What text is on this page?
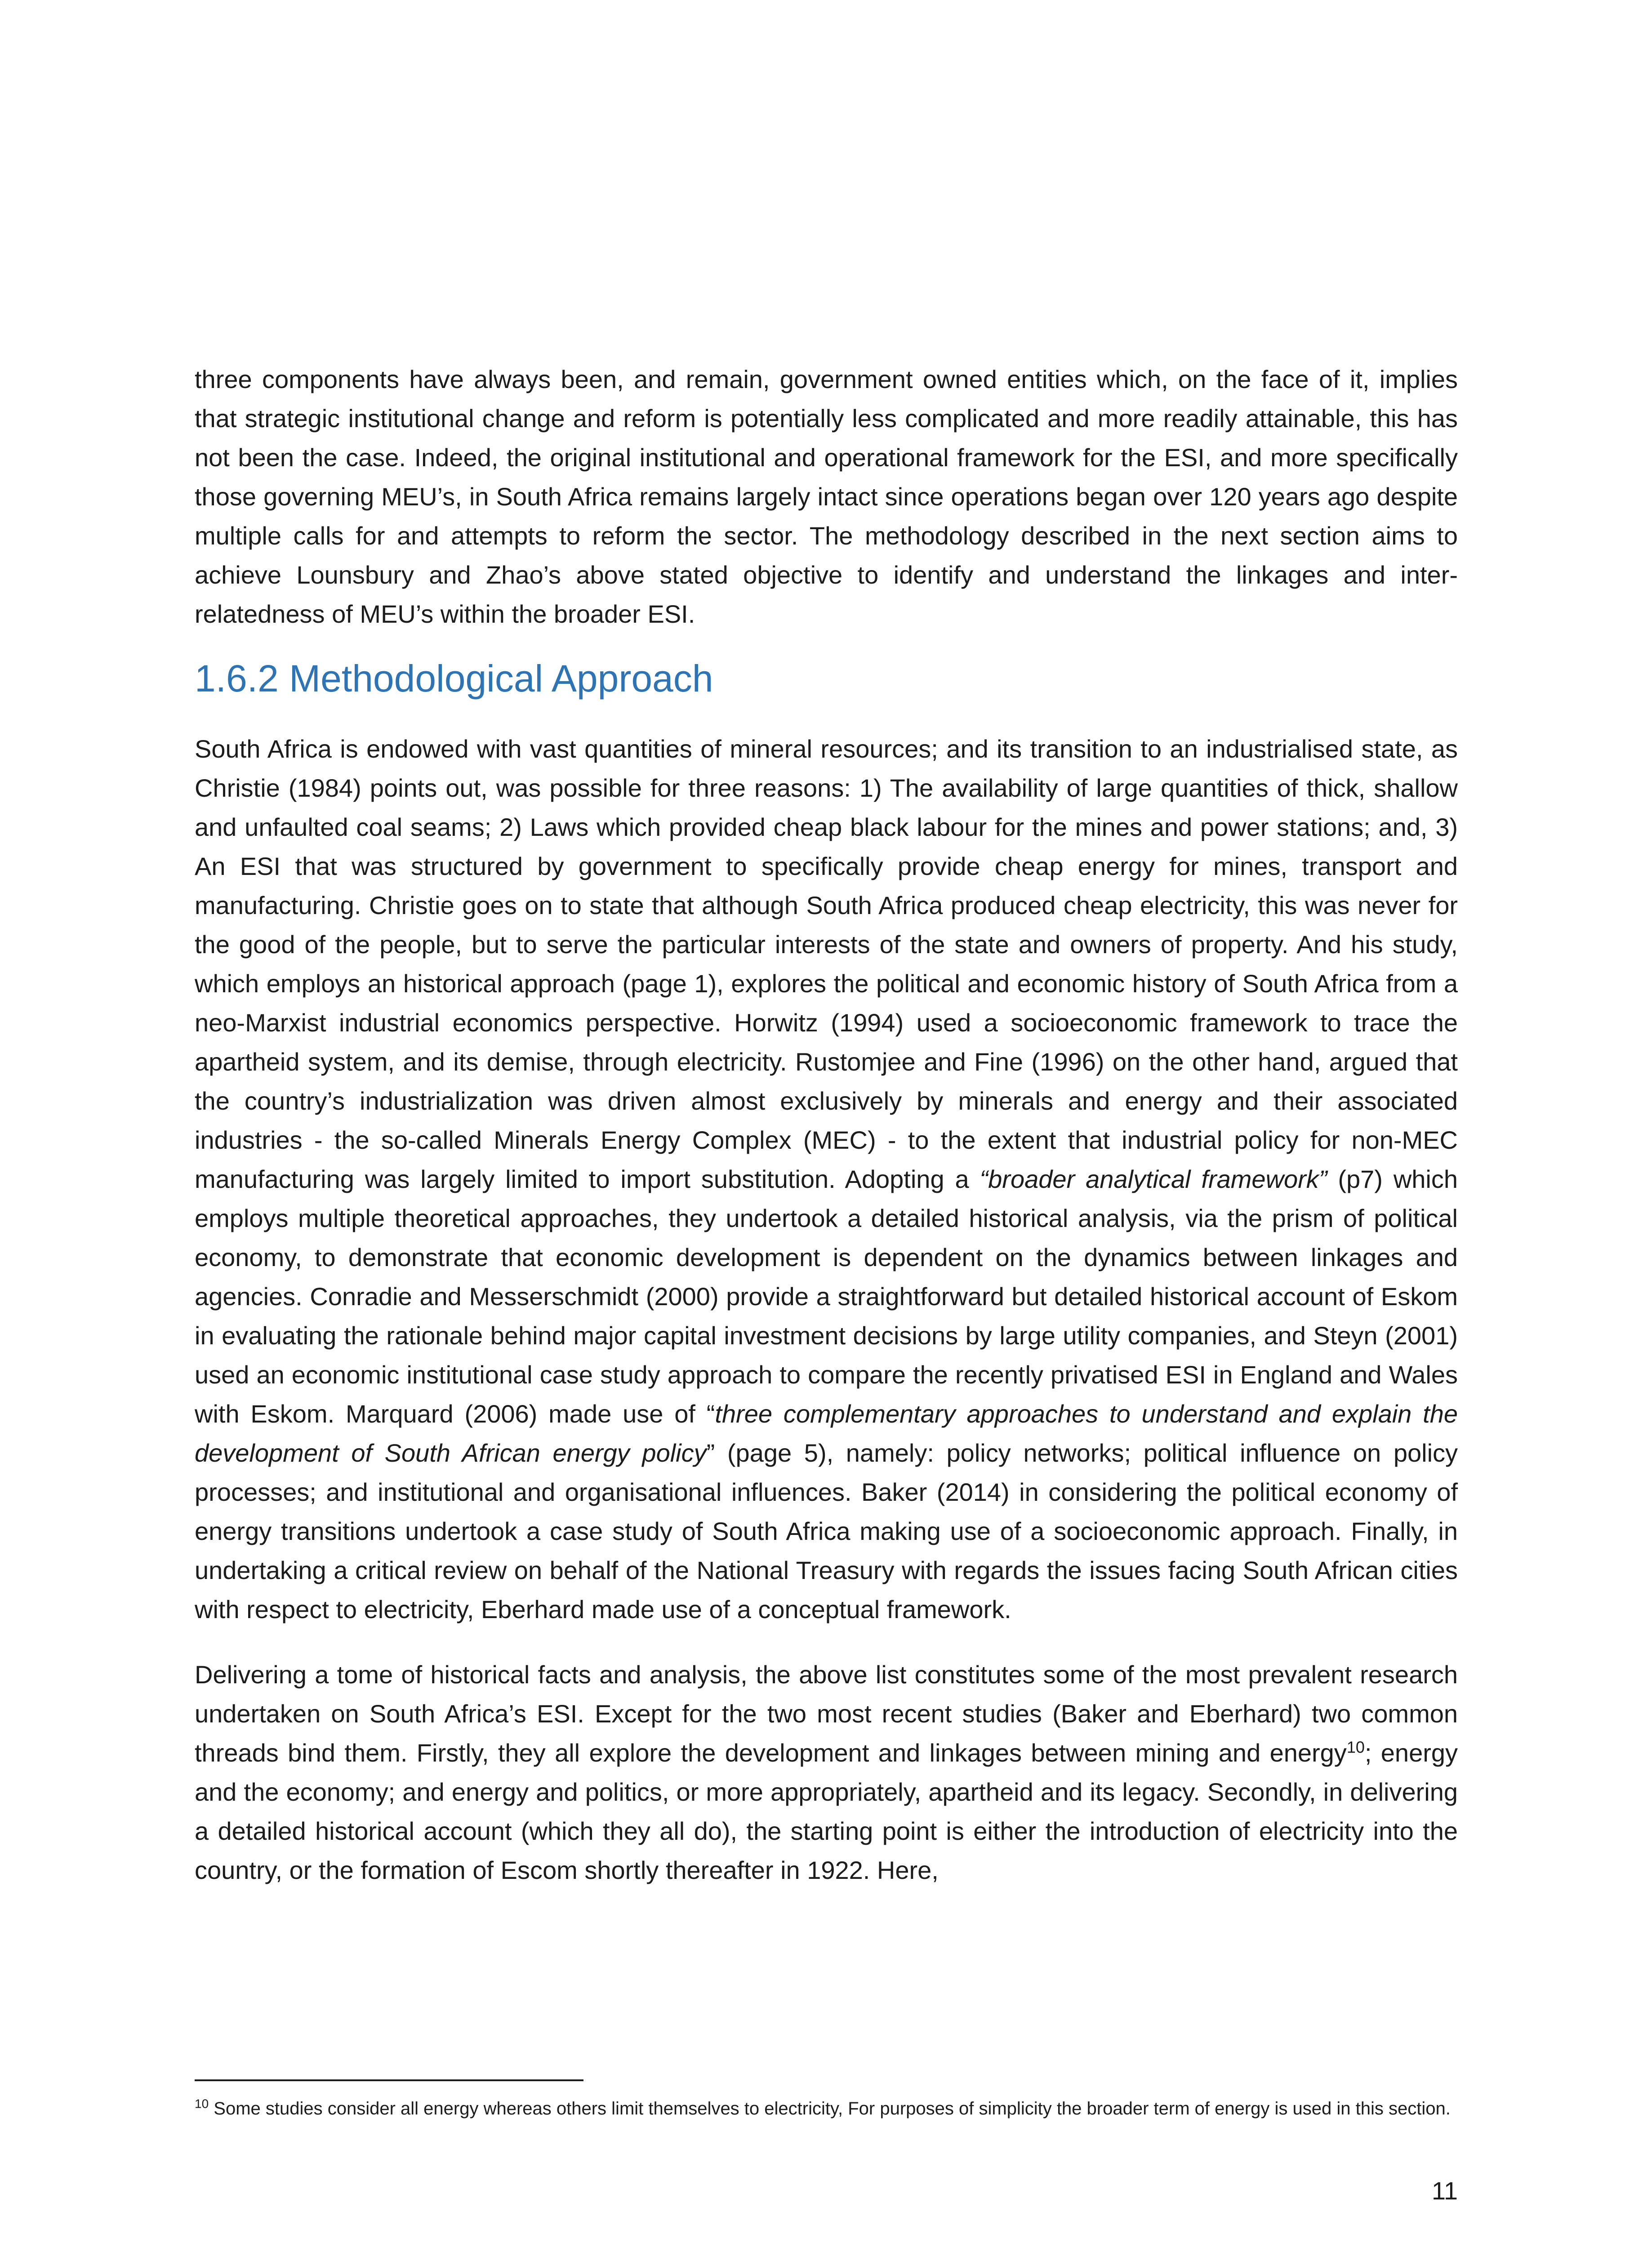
three components have always been, and remain, government owned entities which, on the face of it, implies that strategic institutional change and reform is potentially less complicated and more readily attainable, this has not been the case. Indeed, the original institutional and operational framework for the ESI, and more specifically those governing MEU’s, in South Africa remains largely intact since operations began over 120 years ago despite multiple calls for and attempts to reform the sector. The methodology described in the next section aims to achieve Lounsbury and Zhao’s above stated objective to identify and understand the linkages and inter-relatedness of MEU’s within the broader ESI.

1.6.2 Methodological Approach

South Africa is endowed with vast quantities of mineral resources; and its transition to an industrialised state, as Christie (1984) points out, was possible for three reasons: 1) The availability of large quantities of thick, shallow and unfaulted coal seams; 2) Laws which provided cheap black labour for the mines and power stations; and, 3) An ESI that was structured by government to specifically provide cheap energy for mines, transport and manufacturing. Christie goes on to state that although South Africa produced cheap electricity, this was never for the good of the people, but to serve the particular interests of the state and owners of property. And his study, which employs an historical approach (page 1), explores the political and economic history of South Africa from a neo-Marxist industrial economics perspective. Horwitz (1994) used a socioeconomic framework to trace the apartheid system, and its demise, through electricity. Rustomjee and Fine (1996) on the other hand, argued that the country’s industrialization was driven almost exclusively by minerals and energy and their associated industries - the so-called Minerals Energy Complex (MEC) - to the extent that industrial policy for non-MEC manufacturing was largely limited to import substitution. Adopting a “broader analytical framework” (p7) which employs multiple theoretical approaches, they undertook a detailed historical analysis, via the prism of political economy, to demonstrate that economic development is dependent on the dynamics between linkages and agencies. Conradie and Messerschmidt (2000) provide a straightforward but detailed historical account of Eskom in evaluating the rationale behind major capital investment decisions by large utility companies, and Steyn (2001) used an economic institutional case study approach to compare the recently privatised ESI in England and Wales with Eskom. Marquard (2006) made use of “three complementary approaches to understand and explain the development of South African energy policy” (page 5), namely: policy networks; political influence on policy processes; and institutional and organisational influences. Baker (2014) in considering the political economy of energy transitions undertook a case study of South Africa making use of a socioeconomic approach. Finally, in undertaking a critical review on behalf of the National Treasury with regards the issues facing South African cities with respect to electricity, Eberhard made use of a conceptual framework.

Delivering a tome of historical facts and analysis, the above list constitutes some of the most prevalent research undertaken on South Africa’s ESI. Except for the two most recent studies (Baker and Eberhard) two common threads bind them. Firstly, they all explore the development and linkages between mining and energy$^{10}$; energy and the economy; and energy and politics, or more appropriately, apartheid and its legacy. Secondly, in delivering a detailed historical account (which they all do), the starting point is either the introduction of electricity into the country, or the formation of Escom shortly thereafter in 1922. Here,

$^{10}$ Some studies consider all energy whereas others limit themselves to electricity, For purposes of simplicity the broader term of energy is used in this section.

11
